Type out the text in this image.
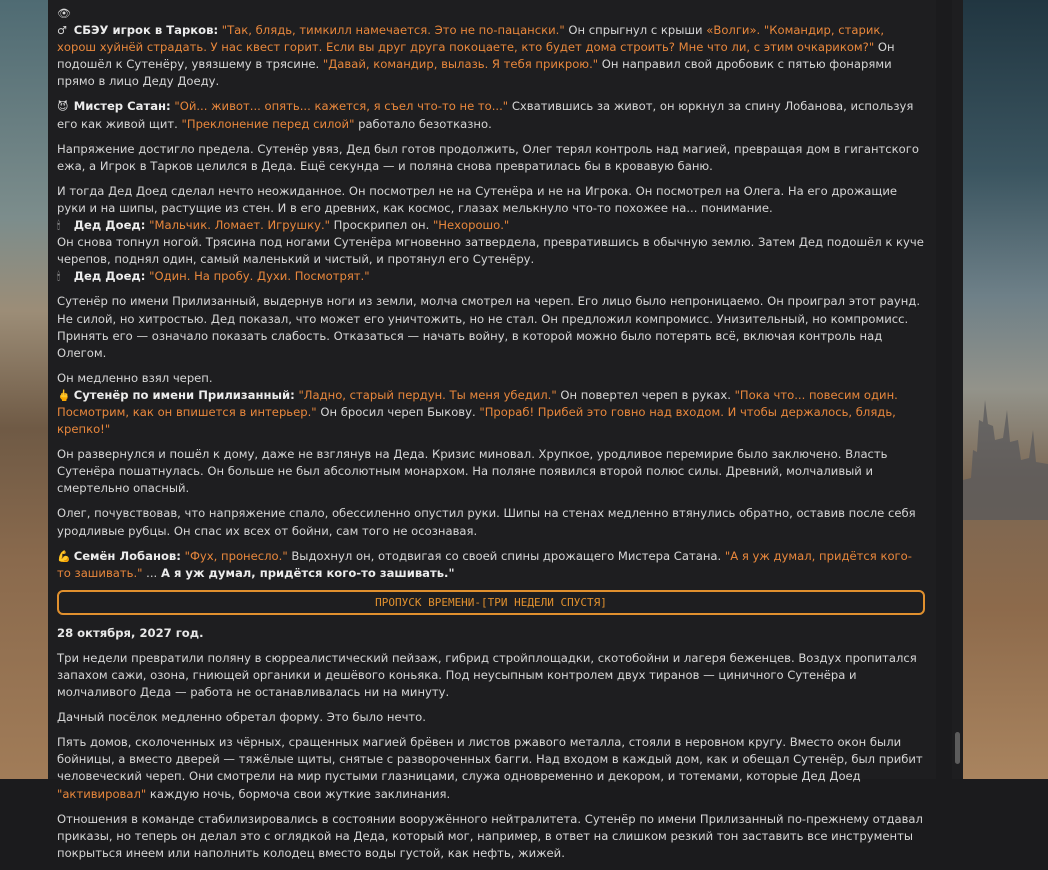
👁♂ СБЭУ игрок в Тарков: "Так, блядь, тимкилл намечается. Это не по-пацански." Он спрыгнул с крыши «Волги». "Командир, старик, хорош хуйнёй страдать. У нас квест горит. Если вы друг друга покоцаете, кто будет дома строить? Мне что ли, с этим очкариком?" Он подошёл к Сутенёру, увязшему в трясине. "Давай, командир, вылазь. Я тебя прикрою." Он направил свой дробовик с пятью фонарями прямо в лицо Деду Доеду.

😈 Мистер Сатан: "Ой... живот... опять... кажется, я съел что-то не то..." Схватившись за живот, он юркнул за спину Лобанова, используя его как живой щит. "Преклонение перед силой" работало безотказно.

Напряжение достигло предела. Сутенёр увяз, Дед был готов продолжить, Олег терял контроль над магией, превращая дом в гигантского ежа, а Игрок в Тарков целился в Деда. Ещё секунда — и поляна снова превратилась бы в кровавую баню.

И тогда Дед Доед сделал нечто неожиданное. Он посмотрел не на Сутенёра и не на Игрока. Он посмотрел на Олега. На его дрожащие руки и на шипы, растущие из стен. И в его древних, как космос, глазах мелькнуло что-то похожее на... понимание.
🕯 Дед Доед: "Мальчик. Ломает. Игрушку." Проскрипел он. "Нехорошо."
Он снова топнул ногой. Трясина под ногами Сутенёра мгновенно затвердела, превратившись в обычную землю. Затем Дед подошёл к куче черепов, поднял один, самый маленький и чистый, и протянул его Сутенёру.
🕯 Дед Доед: "Один. На пробу. Духи. Посмотрят."

Сутенёр по имени Прилизанный, выдернув ноги из земли, молча смотрел на череп. Его лицо было непроницаемо. Он проиграл этот раунд. Не силой, но хитростью. Дед показал, что может его уничтожить, но не стал. Он предложил компромисс. Унизительный, но компромисс. Принять его — означало показать слабость. Отказаться — начать войну, в которой можно было потерять всё, включая контроль над Олегом.

Он медленно взял череп.
🖕 Сутенёр по имени Прилизанный: "Ладно, старый пердун. Ты меня убедил." Он повертел череп в руках. "Пока что... повесим один. Посмотрим, как он впишется в интерьер." Он бросил череп Быкову. "Прораб! Прибей это говно над входом. И чтобы держалось, блядь, крепко!"

Он развернулся и пошёл к дому, даже не взглянув на Деда. Кризис миновал. Хрупкое, уродливое перемирие было заключено. Власть Сутенёра пошатнулась. Он больше не был абсолютным монархом. На поляне появился второй полюс силы. Древний, молчаливый и смертельно опасный.

Олег, почувствовав, что напряжение спало, обессиленно опустил руки. Шипы на стенах медленно втянулись обратно, оставив после себя уродливые рубцы. Он спас их всех от бойни, сам того не осознавая.

💪 Семён Лобанов: "Фух, пронесло." Выдохнул он, отодвигая со своей спины дрожащего Мистера Сатана. "А я уж думал, придётся кого-то зашивать." ... А я уж думал, придётся кого-то зашивать."

ПРОПУСК ВРЕМЕНИ-[ТРИ НЕДЕЛИ СПУСТЯ]

28 октября, 2027 год.

Три недели превратили поляну в сюрреалистический пейзаж, гибрид стройплощадки, скотобойни и лагеря беженцев. Воздух пропитался запахом сажи, озона, гниющей органики и дешёвого коньяка. Под неусыпным контролем двух тиранов — циничного Сутенёра и молчаливого Деда — работа не останавливалась ни на минуту.

Дачный посёлок медленно обретал форму. Это было нечто.

Пять домов, сколоченных из чёрных, сращенных магией брёвен и листов ржавого металла, стояли в неровном кругу. Вместо окон были бойницы, а вместо дверей — тяжёлые щиты, снятые с развороченных багги. Над входом в каждый дом, как и обещал Сутенёр, был прибит человеческий череп. Они смотрели на мир пустыми глазницами, служа одновременно и декором, и тотемами, которые Дед Доед "активировал" каждую ночь, бормоча свои жуткие заклинания.

Отношения в команде стабилизировались в состоянии вооружённого нейтралитета. Сутенёр по имени Прилизанный по-прежнему отдавал приказы, но теперь он делал это с оглядкой на Деда, который мог, например, в ответ на слишком резкий тон заставить все инструменты покрыться инеем или наполнить колодец вместо воды густой, как нефть, жижей.
